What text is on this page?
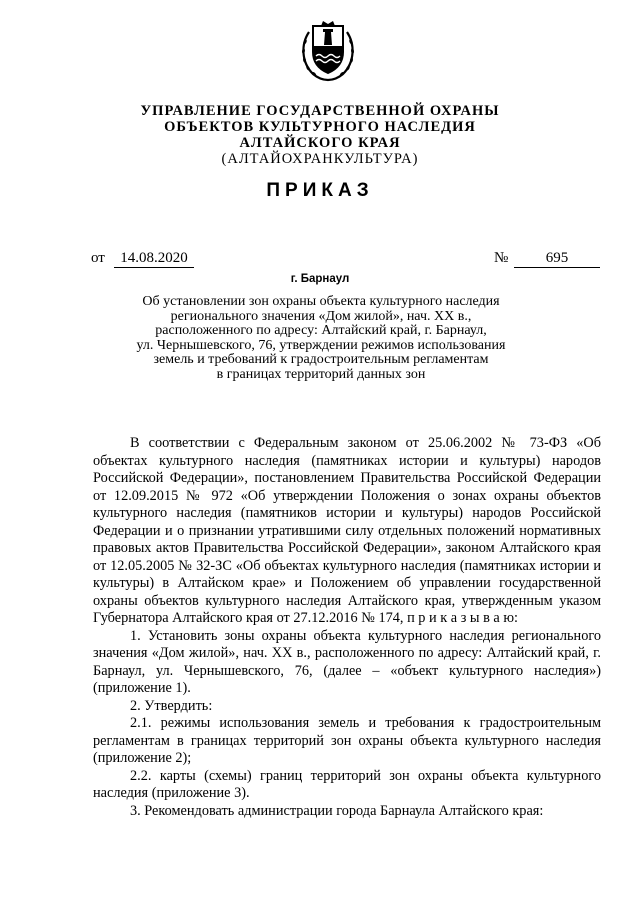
УПРАВЛЕНИЕ ГОСУДАРСТВЕННОЙ ОХРАНЫ
ОБЪЕКТОВ КУЛЬТУРНОГО НАСЛЕДИЯ
АЛТАЙСКОГО КРАЯ
(АЛТАЙОХРАНКУЛЬТУРА)
ПРИКАЗ
от	14.08.2020	№	695
г. Барнаул
Об установлении зон охраны объекта культурного наследия
регионального значения «Дом жилой», нач. XX в.,
расположенного по адресу: Алтайский край, г. Барнаул,
ул. Чернышевского, 76, утверждении режимов использования
земель и требований к градостроительным регламентам
в границах территорий данных зон

В соответствии с Федеральным законом от 25.06.2002 № 73-ФЗ «Об объектах культурного наследия (памятниках истории и культуры) народов Российской Федерации», постановлением Правительства Российской Федерации от 12.09.2015 № 972 «Об утверждении Положения о зонах охраны объектов культурного наследия (памятников истории и культуры) народов Российской Федерации и о признании утратившими силу отдельных положений нормативных правовых актов Правительства Российской Федерации», законом Алтайского края от 12.05.2005 № 32-ЗС «Об объектах культурного наследия (памятниках истории и культуры) в Алтайском крае» и Положением об управлении государственной охраны объектов культурного наследия Алтайского края, утвержденным указом Губернатора Алтайского края от 27.12.2016 № 174, п р и к а з ы в а ю:

1. Установить зоны охраны объекта культурного наследия регионального значения «Дом жилой», нач. XX в., расположенного по адресу: Алтайский край, г. Барнаул, ул. Чернышевского, 76, (далее – «объект культурного наследия») (приложение 1).

2. Утвердить:

2.1. режимы использования земель и требования к градостроительным регламентам в границах территорий зон охраны объекта культурного наследия (приложение 2);

2.2. карты (схемы) границ территорий зон охраны объекта культурного наследия (приложение 3).

3. Рекомендовать администрации города Барнаула Алтайского края:
